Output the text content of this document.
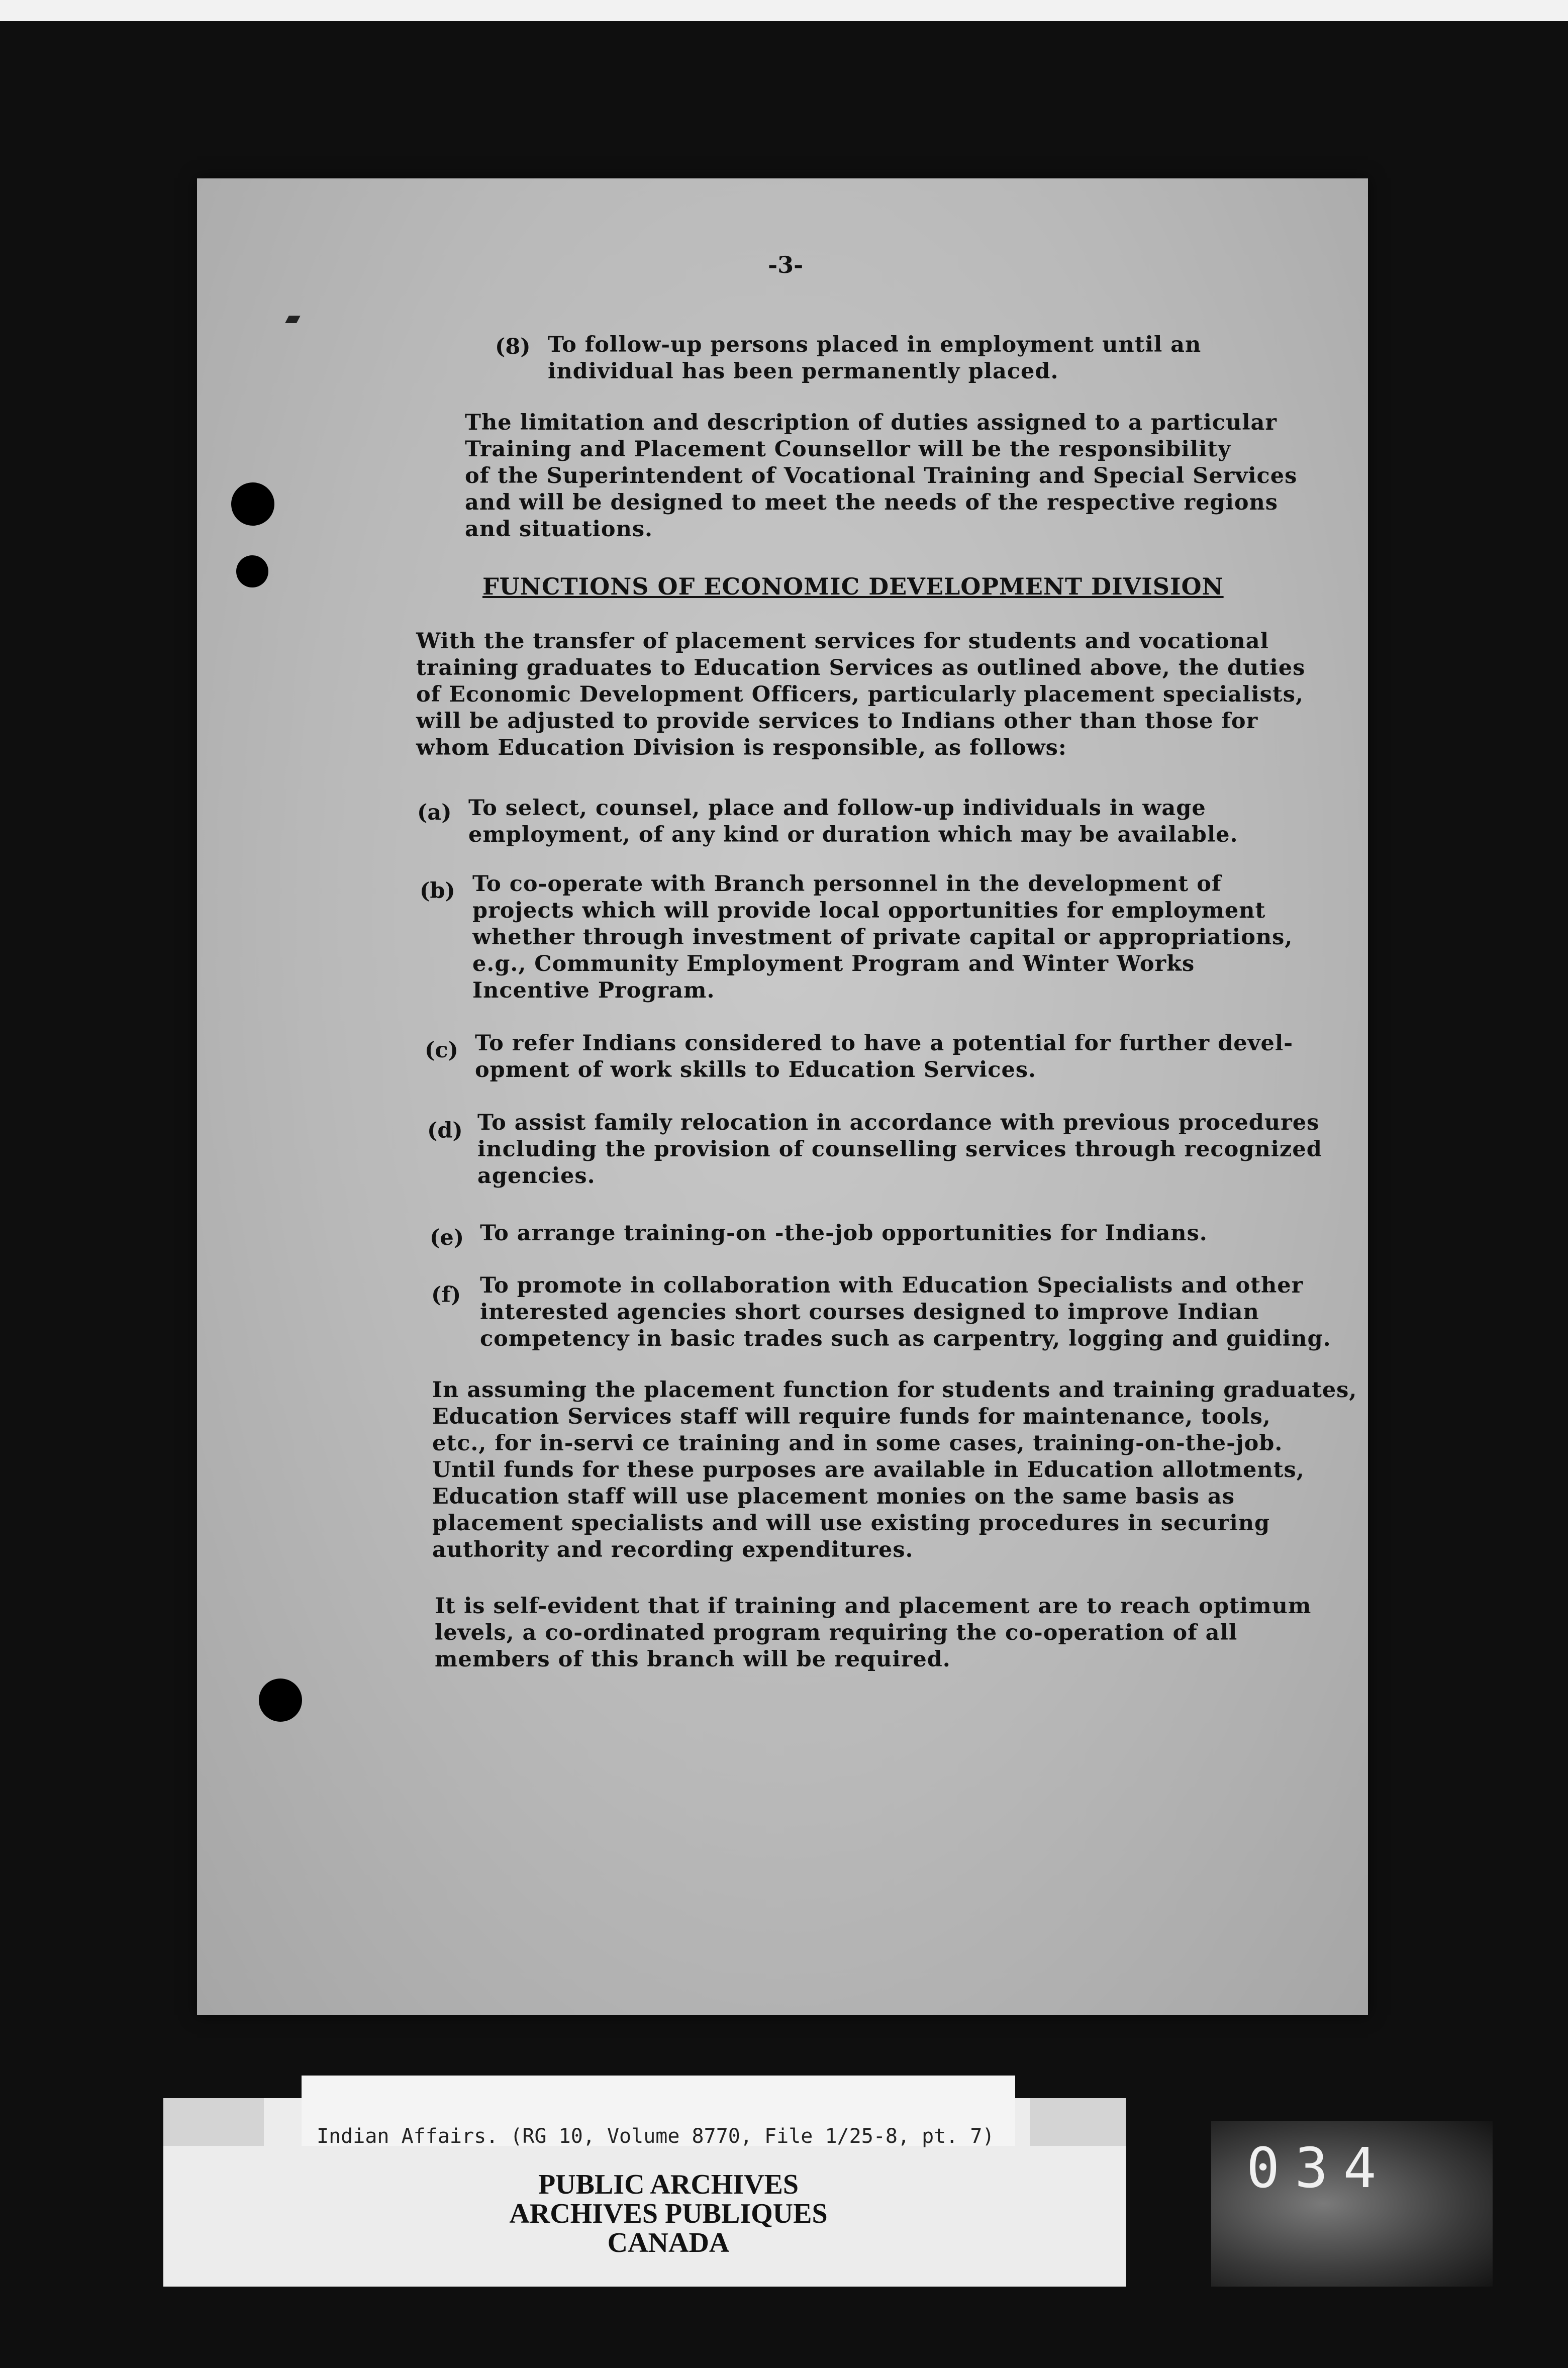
▰
-3-
(8) To follow-up persons placed in employment until an
individual has been permanently placed.
The limitation and description of duties assigned to a particular
Training and Placement Counsellor will be the responsibility
of the Superintendent of Vocational Training and Special Services
and will be designed to meet the needs of the respective regions
and situations.
FUNCTIONS OF ECONOMIC DEVELOPMENT DIVISION
With the transfer of placement services for students and vocational
training graduates to Education Services as outlined above, the duties
of Economic Development Officers, particularly placement specialists,
will be adjusted to provide services to Indians other than those for
whom Education Division is responsible, as follows:
(a) To select, counsel, place and follow-up individuals in wage
employment, of any kind or duration which may be available.
(b) To co-operate with Branch personnel in the development of
projects which will provide local opportunities for employment
whether through investment of private capital or appropriations,
e.g., Community Employment Program and Winter Works
Incentive Program.
(c) To refer Indians considered to have a potential for further devel-
opment of work skills to Education Services.
(d) To assist family relocation in accordance with previous procedures
including the provision of counselling services through recognized
agencies.
(e) To arrange training-on -the-job opportunities for Indians.
(f) To promote in collaboration with Education Specialists and other
interested agencies short courses designed to improve Indian
competency in basic trades such as carpentry, logging and guiding.
In assuming the placement function for students and training graduates,
Education Services staff will require funds for maintenance, tools,
etc., for in-servi ce training and in some cases, training-on-the-job.
Until funds for these purposes are available in Education allotments,
Education staff will use placement monies on the same basis as
placement specialists and will use existing procedures in securing
authority and recording expenditures.
It is self-evident that if training and placement are to reach optimum
levels, a co-ordinated program requiring the co-operation of all
members of this branch will be required.
Indian Affairs. (RG 10, Volume 8770, File 1/25-8, pt. 7)
PUBLIC ARCHIVES
ARCHIVES PUBLIQUES
CANADA
034
